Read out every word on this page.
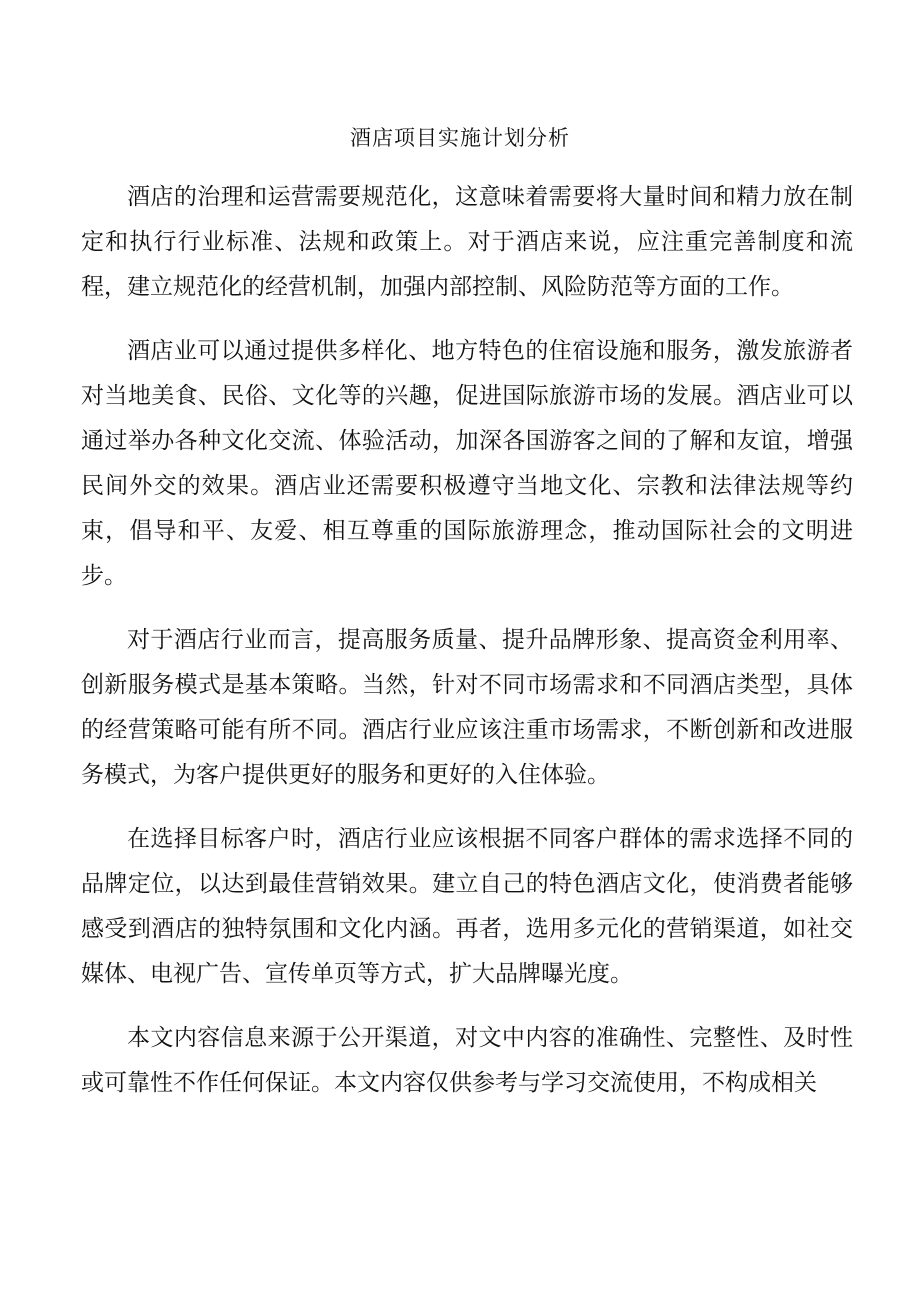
酒店项目实施计划分析

酒店的治理和运营需要规范化，这意味着需要将大量时间和精力放在制定和执行行业标准、法规和政策上。对于酒店来说，应注重完善制度和流程，建立规范化的经营机制，加强内部控制、风险防范等方面的工作。

酒店业可以通过提供多样化、地方特色的住宿设施和服务，激发旅游者对当地美食、民俗、文化等的兴趣，促进国际旅游市场的发展。酒店业可以通过举办各种文化交流、体验活动，加深各国游客之间的了解和友谊，增强民间外交的效果。酒店业还需要积极遵守当地文化、宗教和法律法规等约束，倡导和平、友爱、相互尊重的国际旅游理念，推动国际社会的文明进步。

对于酒店行业而言，提高服务质量、提升品牌形象、提高资金利用率、创新服务模式是基本策略。当然，针对不同市场需求和不同酒店类型，具体的经营策略可能有所不同。酒店行业应该注重市场需求，不断创新和改进服务模式，为客户提供更好的服务和更好的入住体验。

在选择目标客户时，酒店行业应该根据不同客户群体的需求选择不同的品牌定位，以达到最佳营销效果。建立自己的特色酒店文化，使消费者能够感受到酒店的独特氛围和文化内涵。再者，选用多元化的营销渠道，如社交媒体、电视广告、宣传单页等方式，扩大品牌曝光度。

本文内容信息来源于公开渠道，对文中内容的准确性、完整性、及时性或可靠性不作任何保证。本文内容仅供参考与学习交流使用，不构成相关
